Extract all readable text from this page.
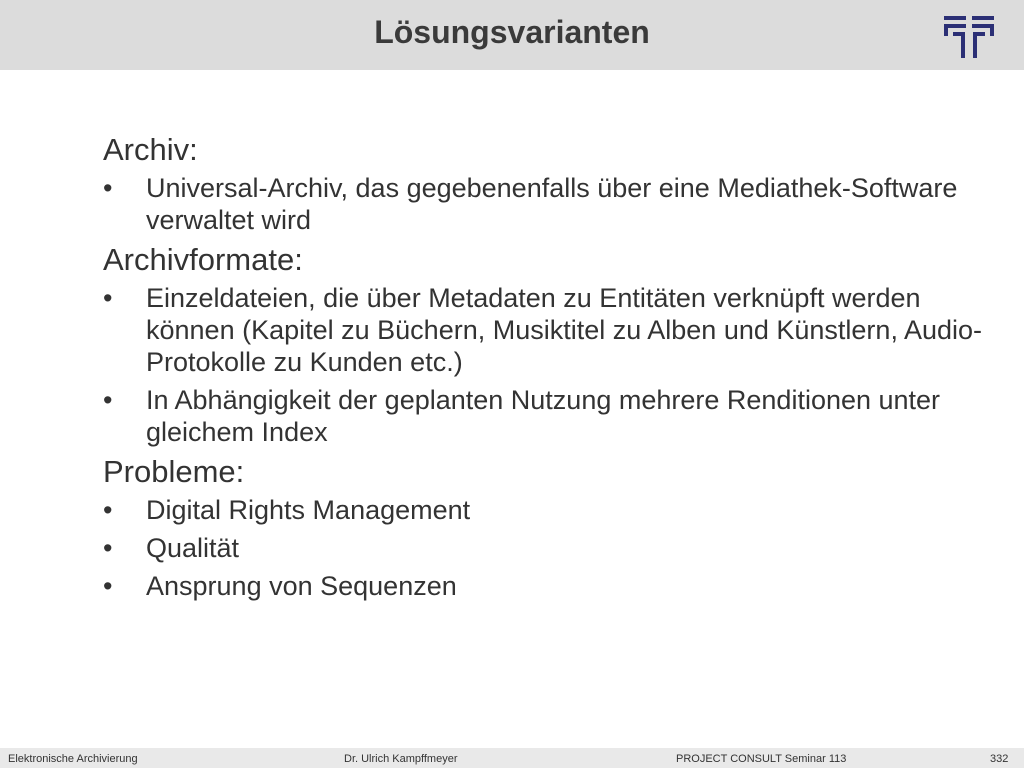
Lösungsvarianten

Archiv:

•	Universal-Archiv, das gegebenenfalls über eine Mediathek-Software verwaltet wird

Archivformate:

•	Einzeldateien, die über Metadaten zu Entitäten verknüpft werden können (Kapitel zu Büchern, Musiktitel zu Alben und Künstlern, Audio-Protokolle zu Kunden etc.)
•	In Abhängigkeit der geplanten Nutzung mehrere Renditionen unter gleichem Index

Probleme:

•	Digital Rights Management
•	Qualität
•	Ansprung von Sequenzen
Elektronische Archivierung	Dr. Ulrich Kampffmeyer	PROJECT CONSULT Seminar 113	332
